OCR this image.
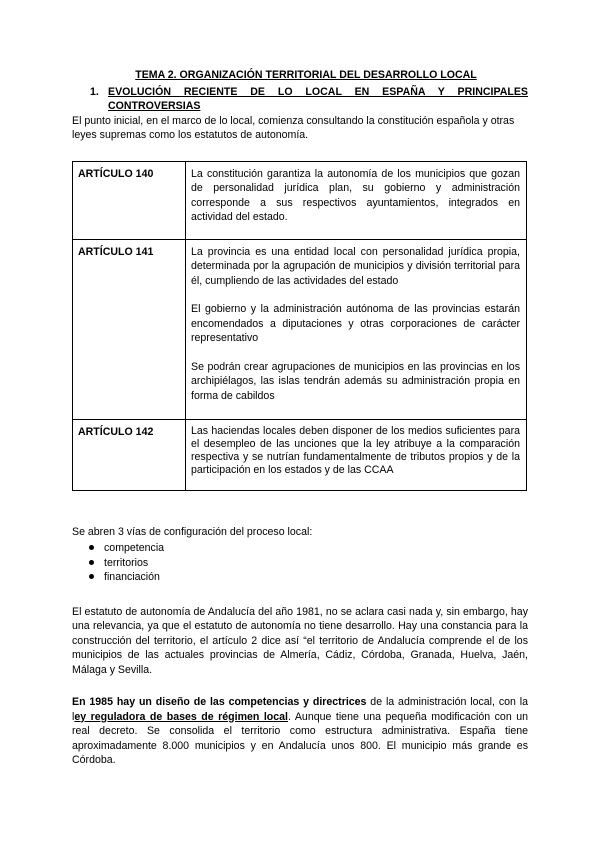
TEMA 2. ORGANIZACIÓN TERRITORIAL DEL DESARROLLO LOCAL

1. EVOLUCIÓN RECIENTE DE LO LOCAL EN ESPAÑA Y PRINCIPALES
CONTROVERSIAS

El punto inicial, en el marco de lo local, comienza consultando la constitución española y otras leyes supremas como los estatutos de autonomía.

ARTÍCULO 140	La constitución garantiza la autonomía de los municipios que gozan de personalidad jurídica plan, su gobierno y administración corresponde a sus respectivos ayuntamientos, integrados en actividad del estado.

ARTÍCULO 141	La provincia es una entidad local con personalidad jurídica propia, determinada por la agrupación de municipios y división territorial para él, cumpliendo de las actividades del estado

El gobierno y la administración autónoma de las provincias estarán encomendados a diputaciones y otras corporaciones de carácter representativo

Se podrán crear agrupaciones de municipios en las provincias en los archipiélagos, las islas tendrán además su administración propia en forma de cabildos

ARTÍCULO 142	Las haciendas locales deben disponer de los medios suficientes para el desempleo de las unciones que la ley atribuye a la comparación respectiva y se nutrían fundamentalmente de tributos propios y de la participación en los estados y de las CCAA

Se abren 3 vías de configuración del proceso local:

competencia
territorios
financiación

El estatuto de autonomía de Andalucía del año 1981, no se aclara casi nada y, sin embargo, hay una relevancia, ya que el estatuto de autonomía no tiene desarrollo. Hay una constancia para la construcción del territorio, el artículo 2 dice así “el territorio de Andalucía comprende el de los municipios de las actuales provincias de Almería, Cádiz, Córdoba, Granada, Huelva, Jaén, Málaga y Sevilla.

En 1985 hay un diseño de las competencias y directrices de la administración local, con la ley reguladora de bases de régimen local. Aunque tiene una pequeña modificación con un real decreto. Se consolida el territorio como estructura administrativa. España tiene aproximadamente 8.000 municipios y en Andalucía unos 800. El municipio más grande es Córdoba.
